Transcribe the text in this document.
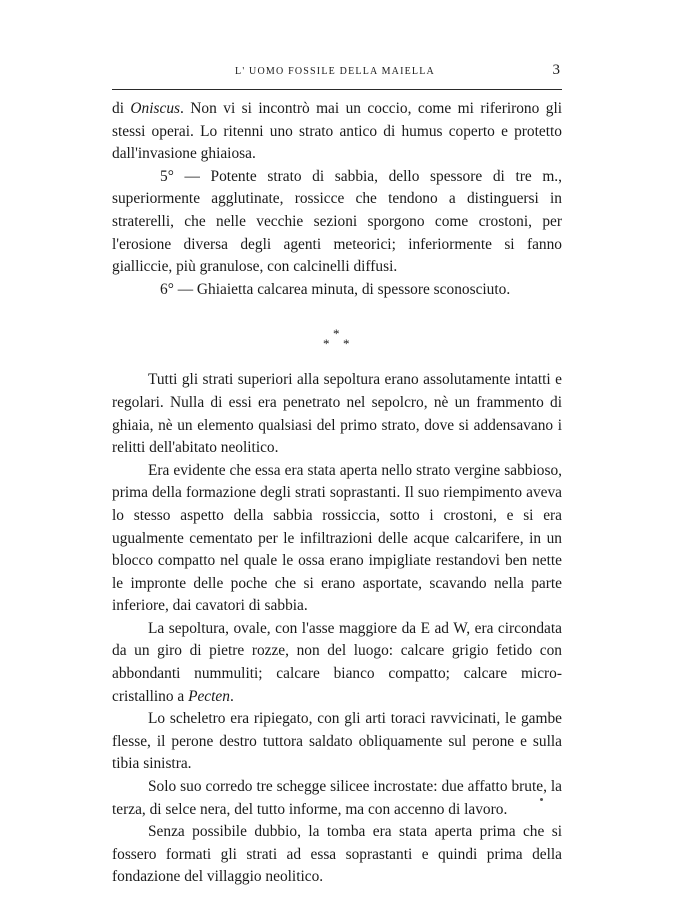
L' UOMO FOSSILE DELLA MAIELLA	3

di Oniscus. Non vi si incontrò mai un coccio, come mi riferirono gli stessi operai. Lo ritenni uno strato antico di humus coperto e protetto dall'invasione ghiaiosa.

5° — Potente strato di sabbia, dello spessore di tre m., superiormente agglutinate, rossicce che tendono a distinguersi in straterelli, che nelle vecchie sezioni sporgono come crostoni, per l'erosione diversa degli agenti meteorici; inferiormente si fanno gialliccie, più granulose, con calcinelli diffusi.

6° — Ghiaietta calcarea minuta, di spessore sconosciuto.

*
* *

Tutti gli strati superiori alla sepoltura erano assolutamente intatti e regolari. Nulla di essi era penetrato nel sepolcro, nè un frammento di ghiaia, nè un elemento qualsiasi del primo strato, dove si addensavano i relitti dell'abitato neolitico.

Era evidente che essa era stata aperta nello strato vergine sabbioso, prima della formazione degli strati soprastanti. Il suo riempimento aveva lo stesso aspetto della sabbia rossiccia, sotto i crostoni, e si era ugualmente cementato per le infiltrazioni delle acque calcarifere, in un blocco compatto nel quale le ossa erano impigliate restandovi ben nette le impronte delle poche che si erano asportate, scavando nella parte inferiore, dai cavatori di sabbia.

La sepoltura, ovale, con l'asse maggiore da E ad W, era circondata da un giro di pietre rozze, non del luogo: calcare grigio fetido con abbondanti nummuliti; calcare bianco compatto; calcare micro-cristallino a Pecten.

Lo scheletro era ripiegato, con gli arti toraci ravvicinati, le gambe flesse, il perone destro tuttora saldato obliquamente sul perone e sulla tibia sinistra.

Solo suo corredo tre schegge silicee incrostate: due affatto brute, la terza, di selce nera, del tutto informe, ma con accenno di lavoro.

Senza possibile dubbio, la tomba era stata aperta prima che si fossero formati gli strati ad essa soprastanti e quindi prima della fondazione del villaggio neolitico.
